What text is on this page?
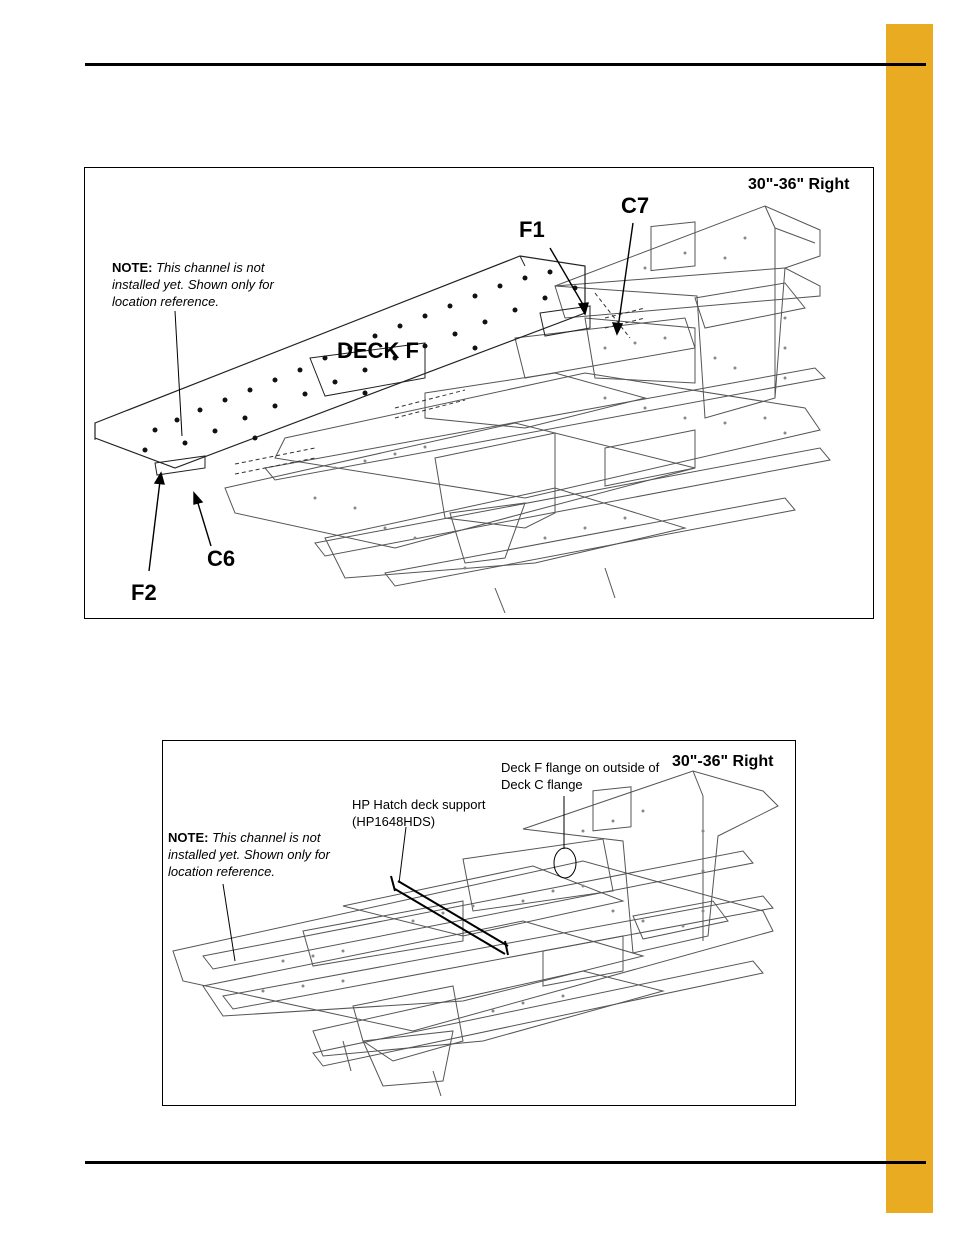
30"-36" Right
C7
F1
DECK F
C6
F2
NOTE: This channel is not installed yet. Shown only for location reference.
30"-36" Right
Deck F flange on outside of Deck C flange
HP Hatch deck support (HP1648HDS)
NOTE: This channel is not installed yet. Shown only for location reference.
